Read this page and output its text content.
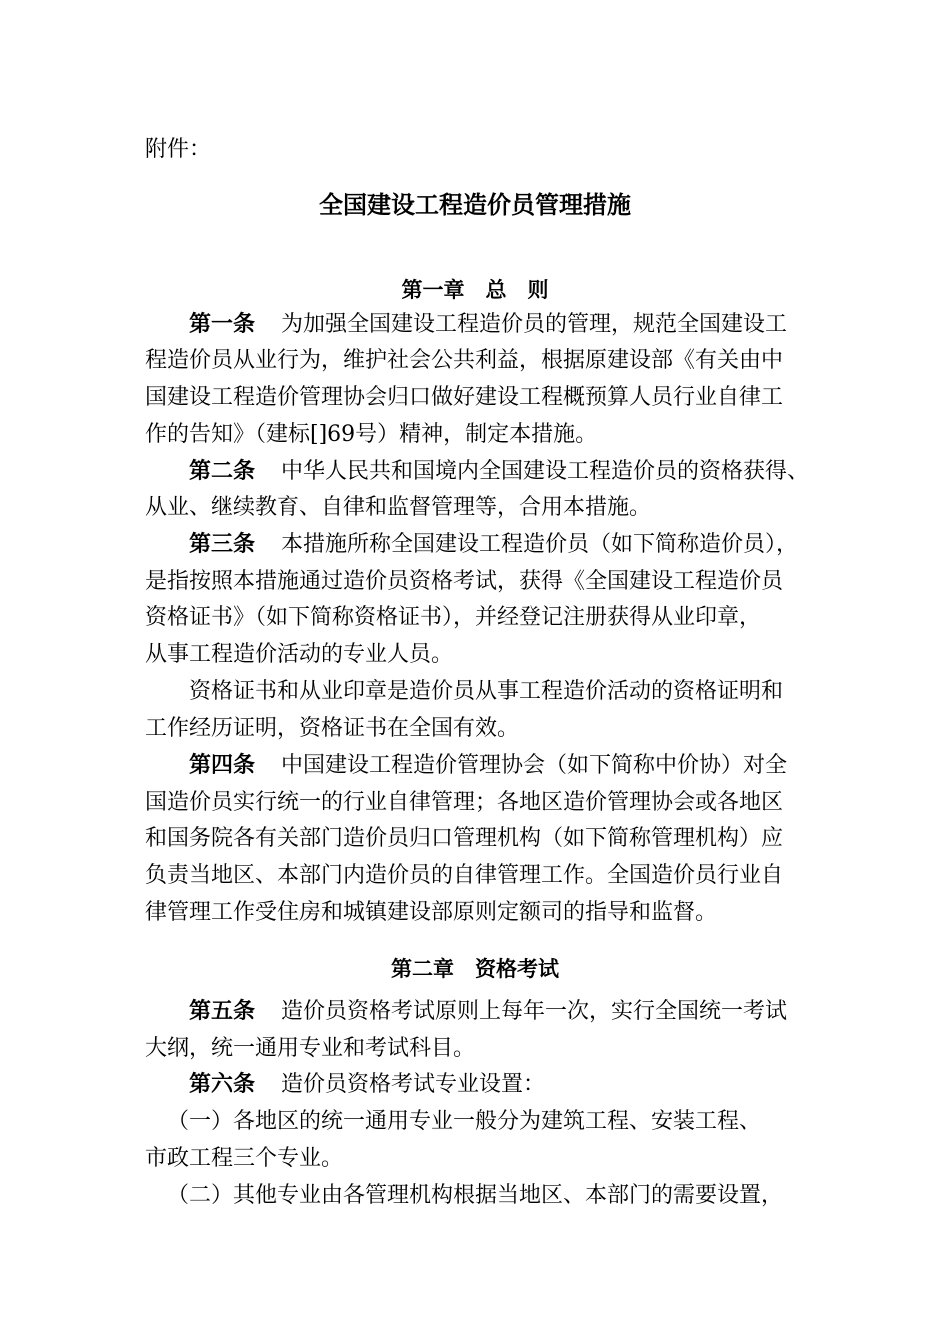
附件：
全国建设工程造价员管理措施
第一章　总　则
第一条 为加强全国建设工程造价员的管理，规范全国建设工
程造价员从业行为，维护社会公共利益，根据原建设部《有关由中
国建设工程造价管理协会归口做好建设工程概预算人员行业自律工
作的告知》（建标[]69号）精神，制定本措施。
第二条 中华人民共和国境内全国建设工程造价员的资格获得、
从业、继续教育、自律和监督管理等，合用本措施。
第三条 本措施所称全国建设工程造价员（如下简称造价员），
是指按照本措施通过造价员资格考试，获得《全国建设工程造价员
资格证书》（如下简称资格证书），并经登记注册获得从业印章，
从事工程造价活动的专业人员。
资格证书和从业印章是造价员从事工程造价活动的资格证明和
工作经历证明，资格证书在全国有效。
第四条 中国建设工程造价管理协会（如下简称中价协）对全
国造价员实行统一的行业自律管理；各地区造价管理协会或各地区
和国务院各有关部门造价员归口管理机构（如下简称管理机构）应
负责当地区、本部门内造价员的自律管理工作。全国造价员行业自
律管理工作受住房和城镇建设部原则定额司的指导和监督。
第二章　资格考试
第五条 造价员资格考试原则上每年一次，实行全国统一考试
大纲，统一通用专业和考试科目。
第六条 造价员资格考试专业设置：
（一）各地区的统一通用专业一般分为建筑工程、安装工程、
市政工程三个专业。
（二）其他专业由各管理机构根据当地区、本部门的需要设置，
